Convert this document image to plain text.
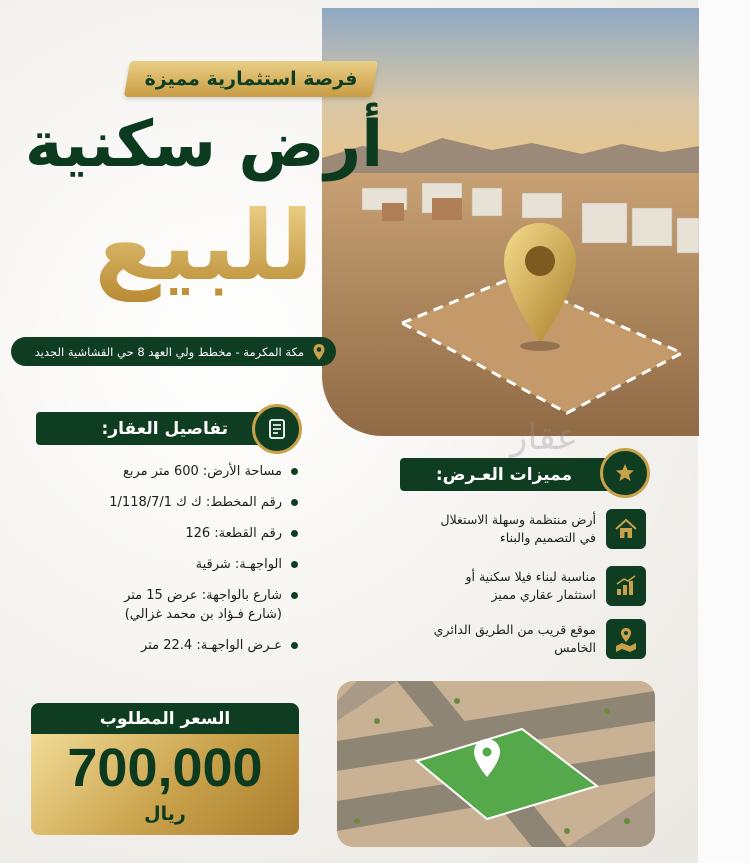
فرصة استثمارية مميزة
أرض سكنية
للبيع
مكة المكرمة - مخطط ولي العهد 8 حي القشاشية الجديد
تفاصيل العقار:
مساحة الأرض: 600 متر مربع
رقم المخطط: ك ك 1/118/7/1
رقم القطعة: 126
الواجهـة: شرقية
شارع بالواجهة: عرض 15 متر
(شارع فـؤاد بن محمد غزالي)
عـرض الواجهـة: 22.4 متر
عقار
مميزات العـرض:
أرض منتظمة وسهلة الاستغلال
في التصميم والبناء
مناسبة لبناء فيلا سكنية أو
استثمار عقاري مميز
موقع قريب من الطريق الدائري الخامس
السعر المطلوب
700,000
ريال
